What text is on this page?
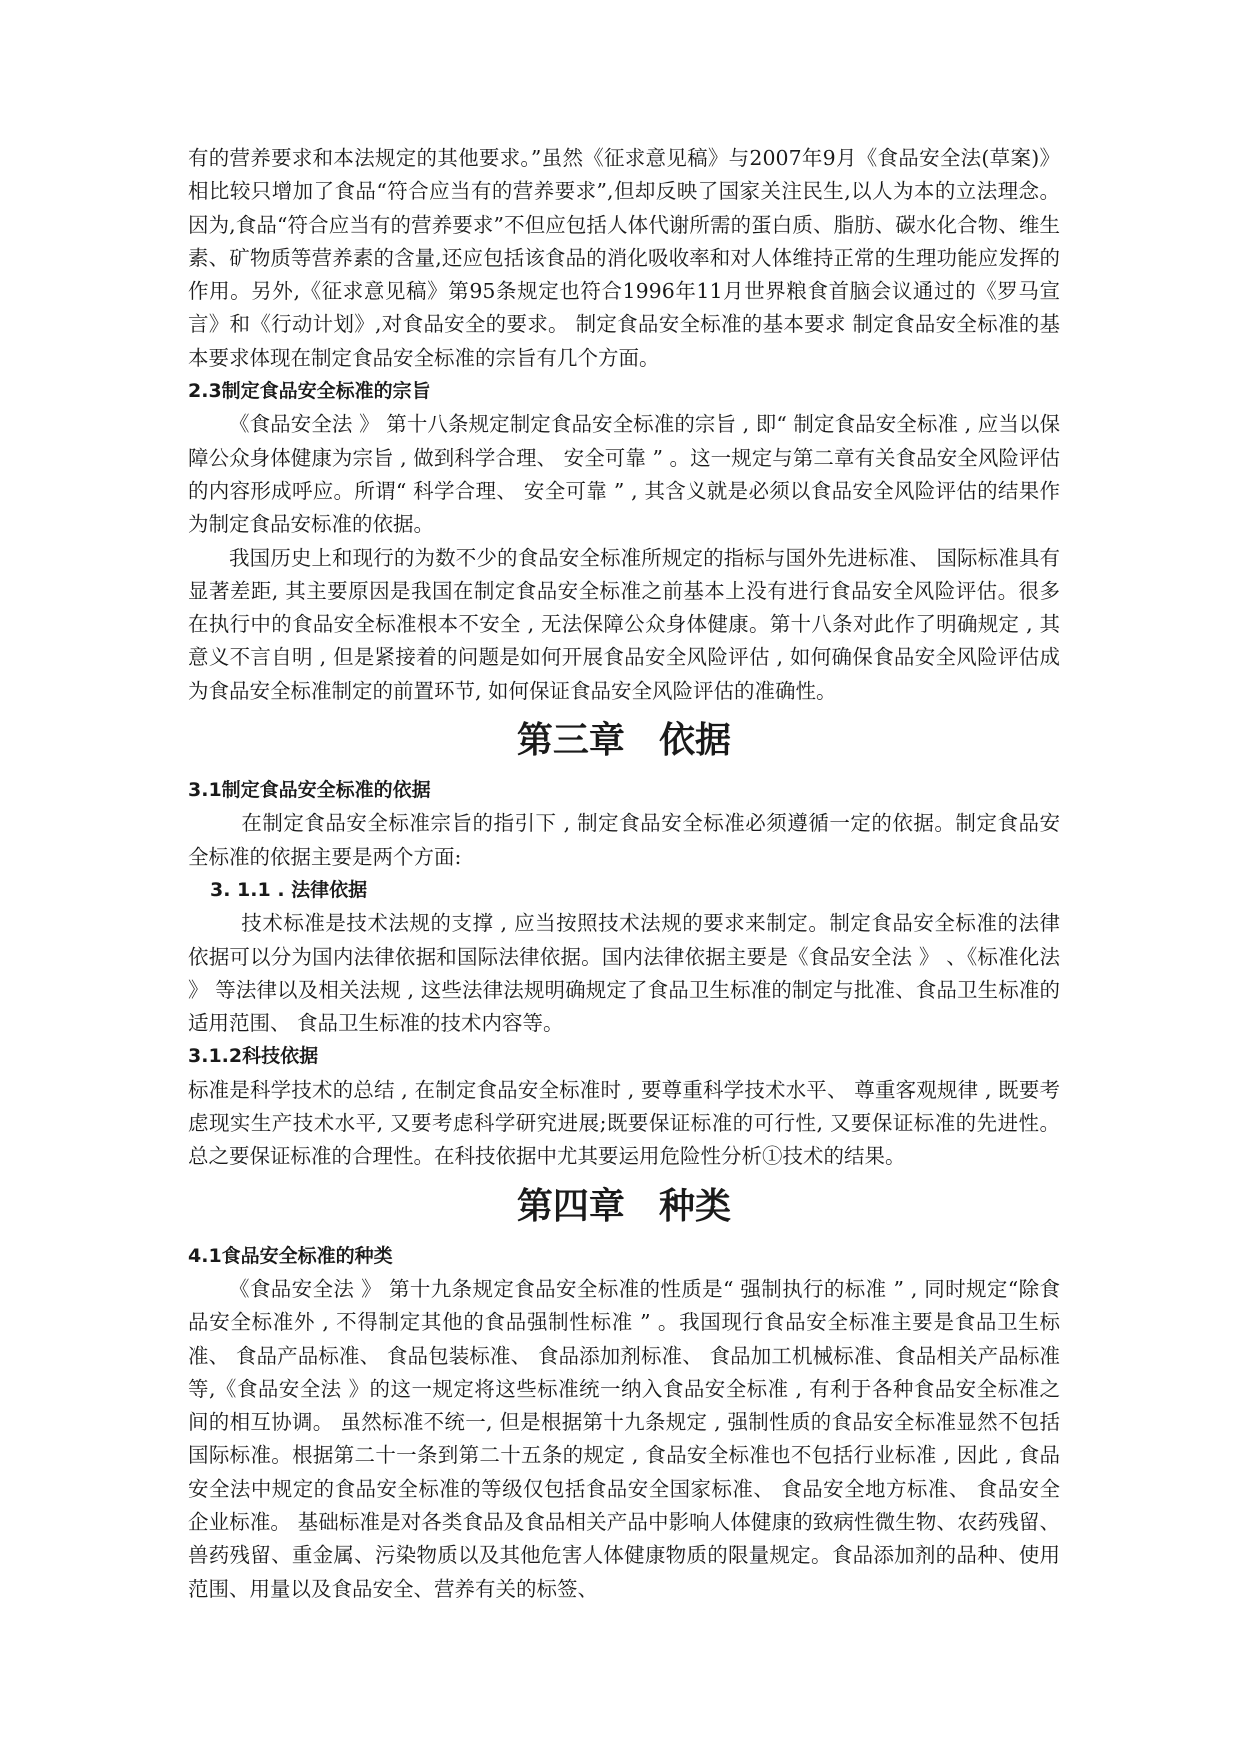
有的营养要求和本法规定的其他要求。”虽然《征求意见稿》与2007年9月《食品安全法(草案)》相比较只增加了食品“符合应当有的营养要求”,但却反映了国家关注民生,以人为本的立法理念。因为,食品“符合应当有的营养要求”不但应包括人体代谢所需的蛋白质、脂肪、碳水化合物、维生素、矿物质等营养素的含量,还应包括该食品的消化吸收率和对人体维持正常的生理功能应发挥的作用。另外,《征求意见稿》第95条规定也符合1996年11月世界粮食首脑会议通过的《罗马宣言》和《行动计划》,对食品安全的要求。 制定食品安全标准的基本要求 制定食品安全标准的基本要求体现在制定食品安全标准的宗旨有几个方面。

2.3制定食品安全标准的宗旨

《食品安全法 》 第十八条规定制定食品安全标准的宗旨 , 即“ 制定食品安全标准 , 应当以保障公众身体健康为宗旨 , 做到科学合理、 安全可靠 ” 。这一规定与第二章有关食品安全风险评估的内容形成呼应。所谓“ 科学合理、 安全可靠 ” , 其含义就是必须以食品安全风险评估的结果作为制定食品安标准的依据。

我国历史上和现行的为数不少的食品安全标准所规定的指标与国外先进标准、 国际标准具有显著差距, 其主要原因是我国在制定食品安全标准之前基本上没有进行食品安全风险评估。很多在执行中的食品安全标准根本不安全 , 无法保障公众身体健康。第十八条对此作了明确规定 , 其意义不言自明 , 但是紧接着的问题是如何开展食品安全风险评估 , 如何确保食品安全风险评估成为食品安全标准制定的前置环节, 如何保证食品安全风险评估的准确性。

第三章 依据
3.1制定食品安全标准的依据

在制定食品安全标准宗旨的指引下 , 制定食品安全标准必须遵循一定的依据。制定食品安全标准的依据主要是两个方面:

3. 1.1 . 法律依据

技术标准是技术法规的支撑 , 应当按照技术法规的要求来制定。制定食品安全标准的法律依据可以分为国内法律依据和国际法律依据。国内法律依据主要是《食品安全法 》 、《标准化法 》 等法律以及相关法规 , 这些法律法规明确规定了食品卫生标准的制定与批准、食品卫生标准的适用范围、 食品卫生标准的技术内容等。

3.1.2科技依据

标准是科学技术的总结 , 在制定食品安全标准时 , 要尊重科学技术水平、 尊重客观规律 , 既要考虑现实生产技术水平, 又要考虑科学研究进展;既要保证标准的可行性, 又要保证标准的先进性。总之要保证标准的合理性。在科技依据中尤其要运用危险性分析①技术的结果。

第四章 种类
4.1食品安全标准的种类

《食品安全法 》 第十九条规定食品安全标准的性质是“ 强制执行的标准 ” , 同时规定“除食品安全标准外 , 不得制定其他的食品强制性标准 ” 。我国现行食品安全标准主要是食品卫生标准、 食品产品标准、 食品包装标准、 食品添加剂标准、 食品加工机械标准、食品相关产品标准等,《食品安全法 》的这一规定将这些标准统一纳入食品安全标准 , 有利于各种食品安全标准之间的相互协调。 虽然标准不统一, 但是根据第十九条规定 , 强制性质的食品安全标准显然不包括国际标准。根据第二十一条到第二十五条的规定 , 食品安全标准也不包括行业标准 , 因此 , 食品安全法中规定的食品安全标准的等级仅包括食品安全国家标准、 食品安全地方标准、 食品安全企业标准。 基础标准是对各类食品及食品相关产品中影响人体健康的致病性微生物、农药残留、兽药残留、重金属、污染物质以及其他危害人体健康物质的限量规定。食品添加剂的品种、使用范围、用量以及食品安全、营养有关的标签、
